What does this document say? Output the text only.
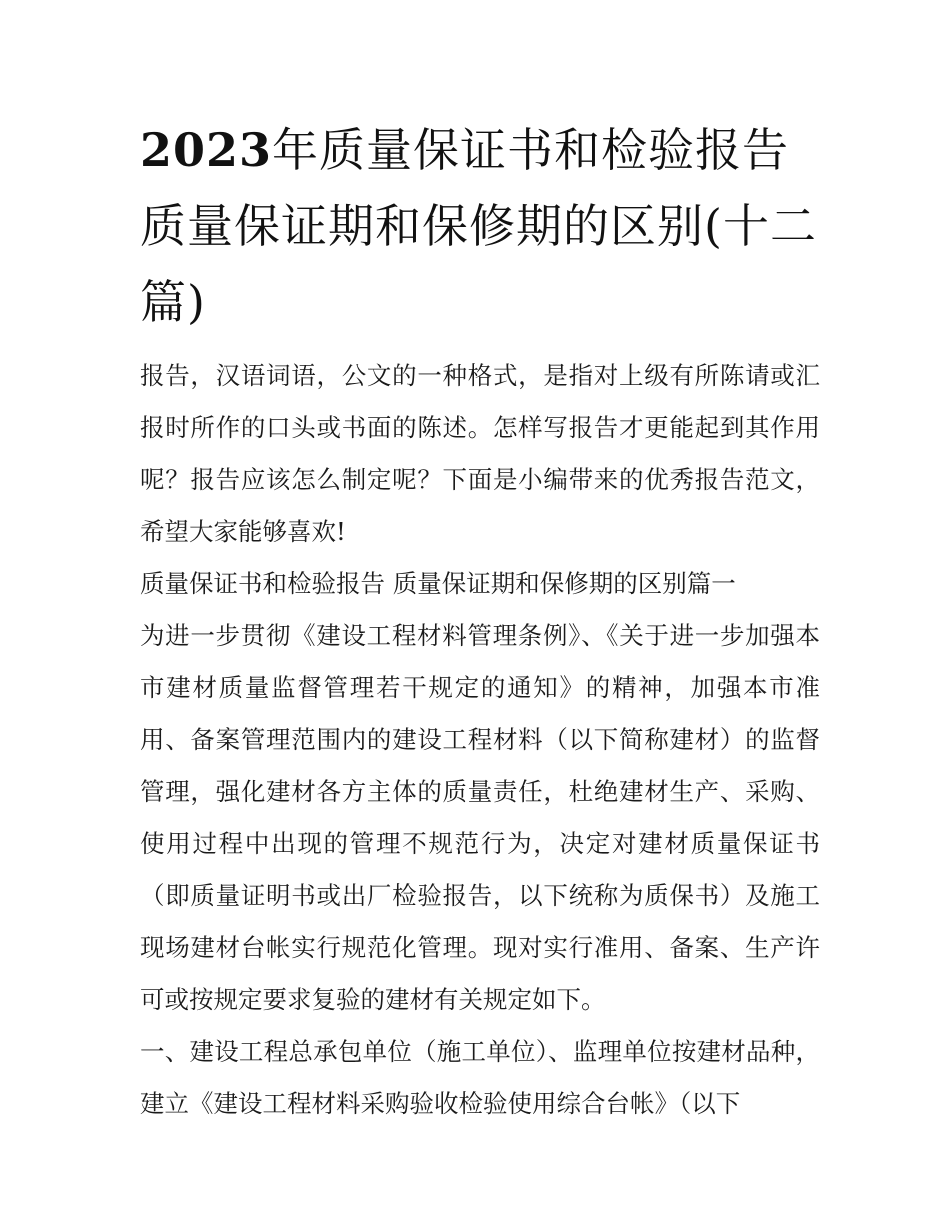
2023年质量保证书和检验报告质量保证期和保修期的区别(十二篇)

报告，汉语词语，公文的一种格式，是指对上级有所陈请或汇报时所作的口头或书面的陈述。怎样写报告才更能起到其作用呢？报告应该怎么制定呢？下面是小编带来的优秀报告范文，希望大家能够喜欢!

质量保证书和检验报告 质量保证期和保修期的区别篇一

为进一步贯彻《建设工程材料管理条例》、《关于进一步加强本市建材质量监督管理若干规定的通知》的精神，加强本市准用、备案管理范围内的建设工程材料（以下简称建材）的监督管理，强化建材各方主体的质量责任，杜绝建材生产、采购、使用过程中出现的管理不规范行为，决定对建材质量保证书（即质量证明书或出厂检验报告，以下统称为质保书）及施工现场建材台帐实行规范化管理。现对实行准用、备案、生产许可或按规定要求复验的建材有关规定如下。

一、建设工程总承包单位（施工单位）、监理单位按建材品种，建立《建设工程材料采购验收检验使用综合台帐》（以下
